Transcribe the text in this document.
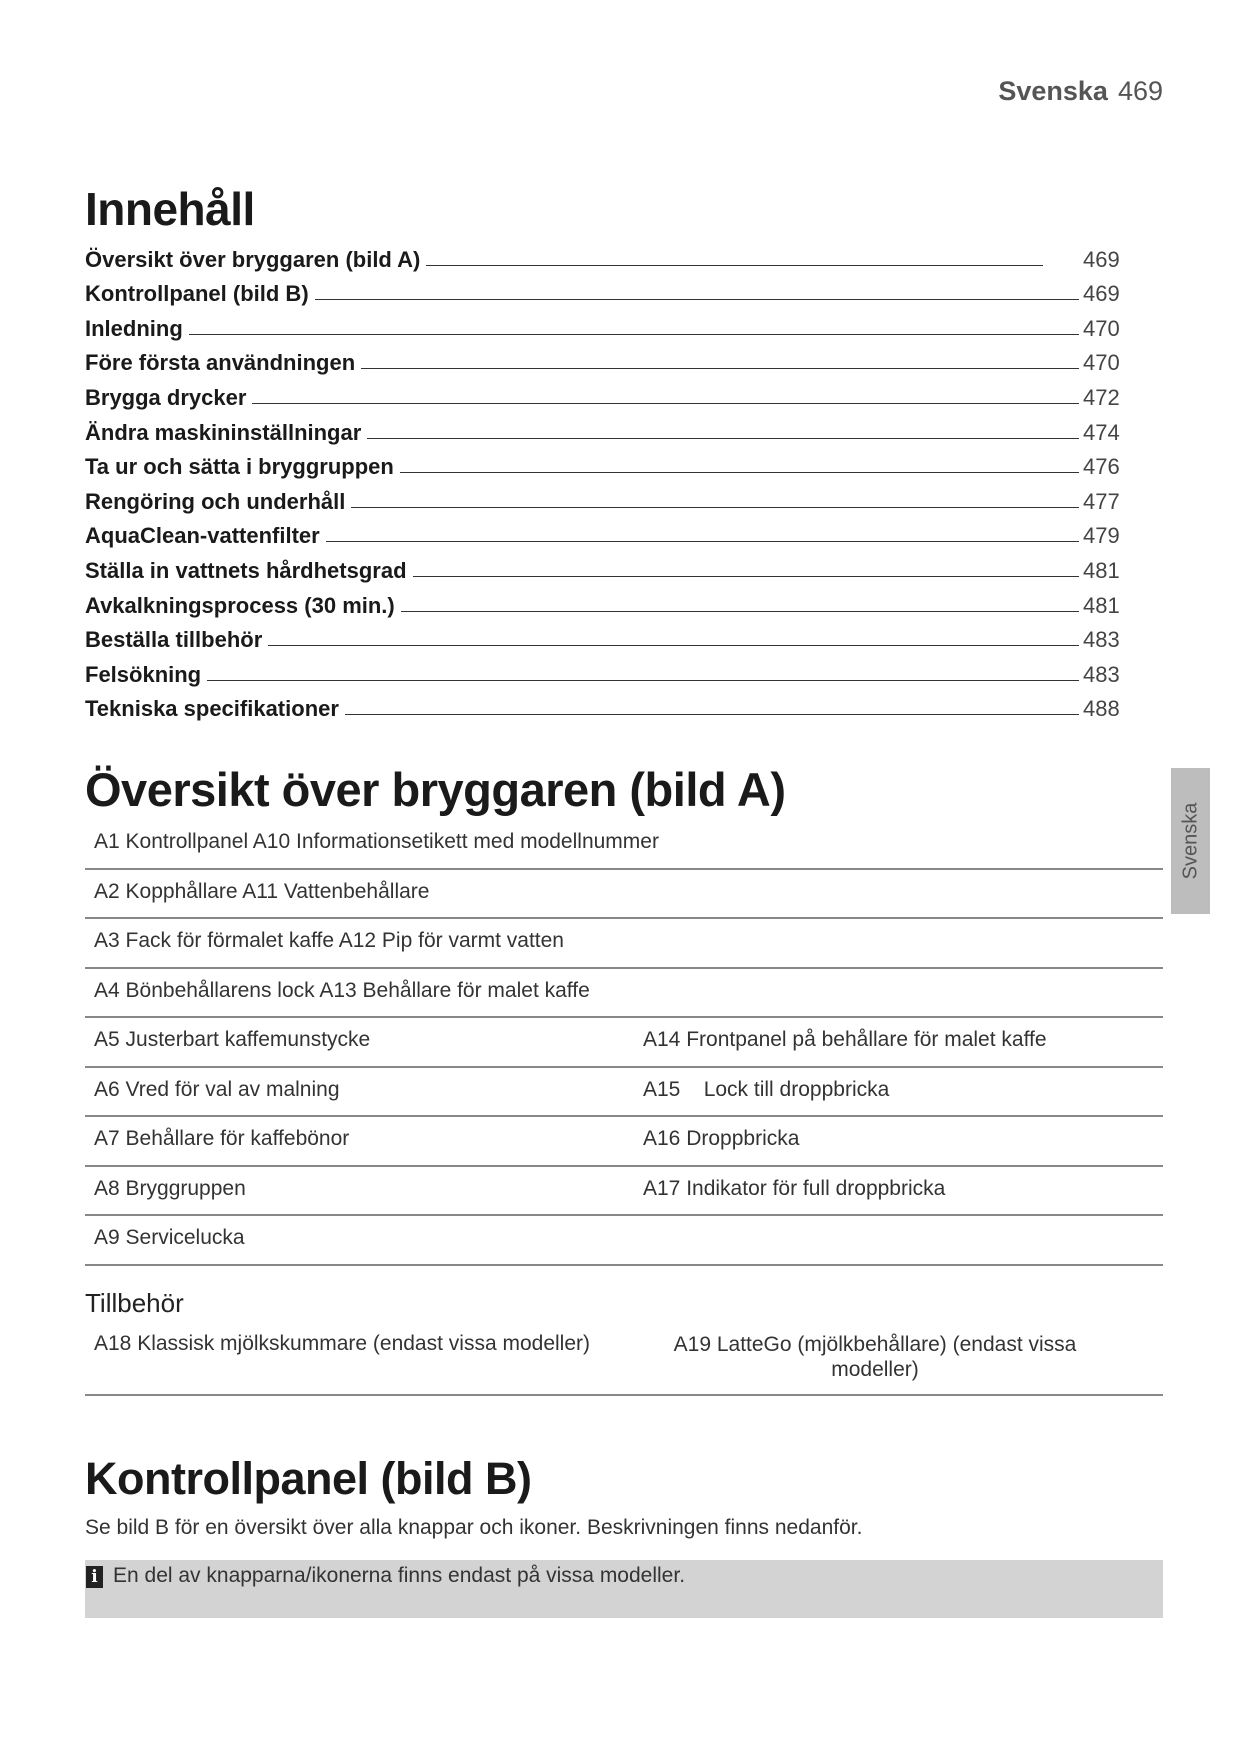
Svenska 469
Innehåll
Översikt över bryggaren (bild A)	469
Kontrollpanel (bild B)	469
Inledning	470
Före första användningen	470
Brygga drycker	472
Ändra maskininställningar	474
Ta ur och sätta i bryggruppen	476
Rengöring och underhåll	477
AquaClean-vattenfilter	479
Ställa in vattnets hårdhetsgrad	481
Avkalkningsprocess (30 min.)	481
Beställa tillbehör	483
Felsökning	483
Tekniska specifikationer	488
Översikt över bryggaren (bild A)
A1 Kontrollpanel A10 Informationsetikett med modellnummer
A2 Kopphållare A11 Vattenbehållare
A3 Fack för förmalet kaffe A12 Pip för varmt vatten
A4 Bönbehållarens lock A13 Behållare för malet kaffe
A5 Justerbart kaffemunstycke	A14 Frontpanel på behållare för malet kaffe
A6 Vred för val av malning	A15    Lock till droppbricka
A7 Behållare för kaffebönor	A16 Droppbricka
A8 Bryggruppen	A17 Indikator för full droppbricka
A9 Servicelucka
Tillbehör
A18 Klassisk mjölkskummare (endast vissa modeller)	A19 LatteGo (mjölkbehållare) (endast vissa
modeller)
Kontrollpanel (bild B)
Se bild B för en översikt över alla knappar och ikoner. Beskrivningen finns nedanför.
i En del av knapparna/ikonerna finns endast på vissa modeller.
Svenska
